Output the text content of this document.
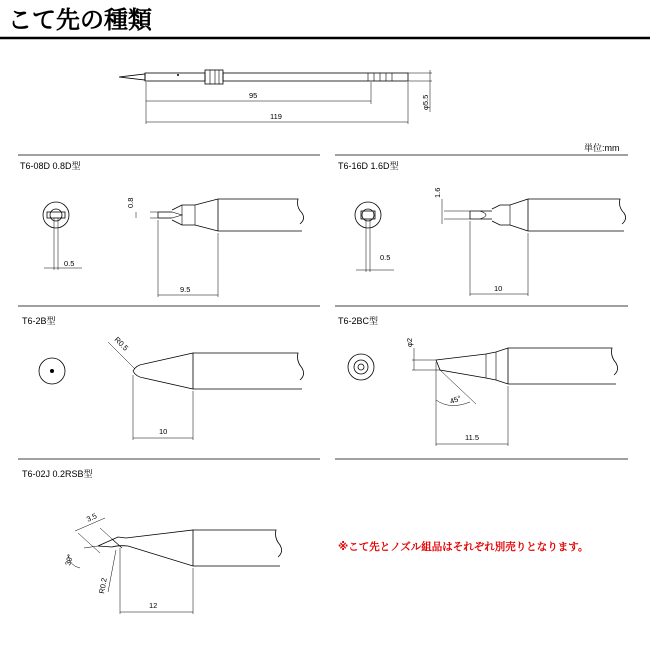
こて先の種類
95
119
φ5.5
単位:mm
T6-08D 0.8D型
0.8
0.5
9.5
T6-16D 1.6D型
1.6
0.5
10
T6-2B型
R0.5
10
T6-2BC型
φ2
45°
11.5
T6-02J 0.2RSB型
3.5
30°
R0.2
12
※こて先とノズル組品はそれぞれ別売りとなります。
